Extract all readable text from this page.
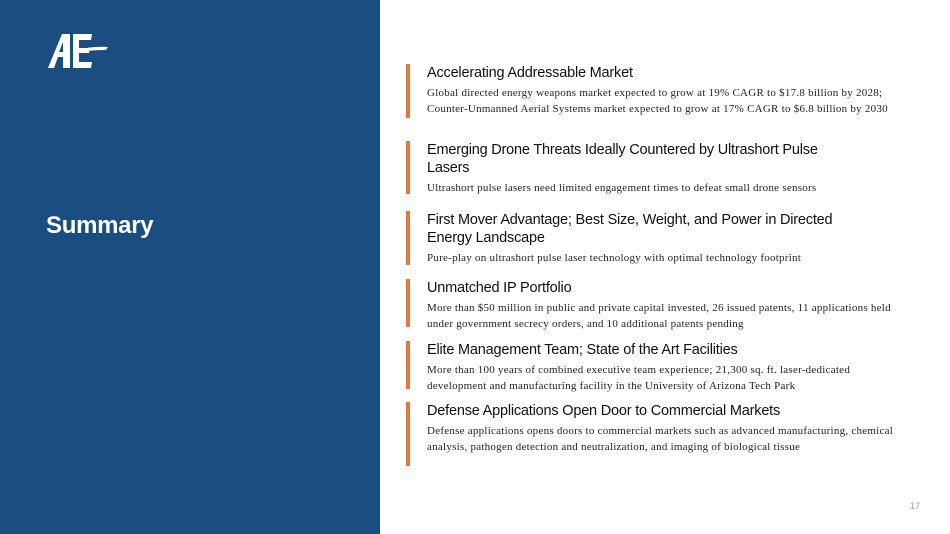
Summary
Accelerating Addressable Market

Global directed energy weapons market expected to grow at 19% CAGR to $17.8 billion by 2028; Counter-Unmanned Aerial Systems market expected to grow at 17% CAGR to $6.8 billion by 2030

Emerging Drone Threats Ideally Countered by Ultrashort Pulse Lasers

Ultrashort pulse lasers need limited engagement times to defeat small drone sensors

First Mover Advantage; Best Size, Weight, and Power in Directed Energy Landscape

Pure-play on ultrashort pulse laser technology with optimal technology footprint

Unmatched IP Portfolio

More than $50 million in public and private capital invested, 26 issued patents, 11 applications held under government secrecy orders, and 10 additional patents pending

Elite Management Team; State of the Art Facilities

More than 100 years of combined executive team experience; 21,300 sq. ft. laser-dedicated development and manufacturing facility in the University of Arizona Tech Park

Defense Applications Open Door to Commercial Markets

Defense applications opens doors to commercial markets such as advanced manufacturing, chemical analysis, pathogen detection and neutralization, and imaging of biological tissue

17
